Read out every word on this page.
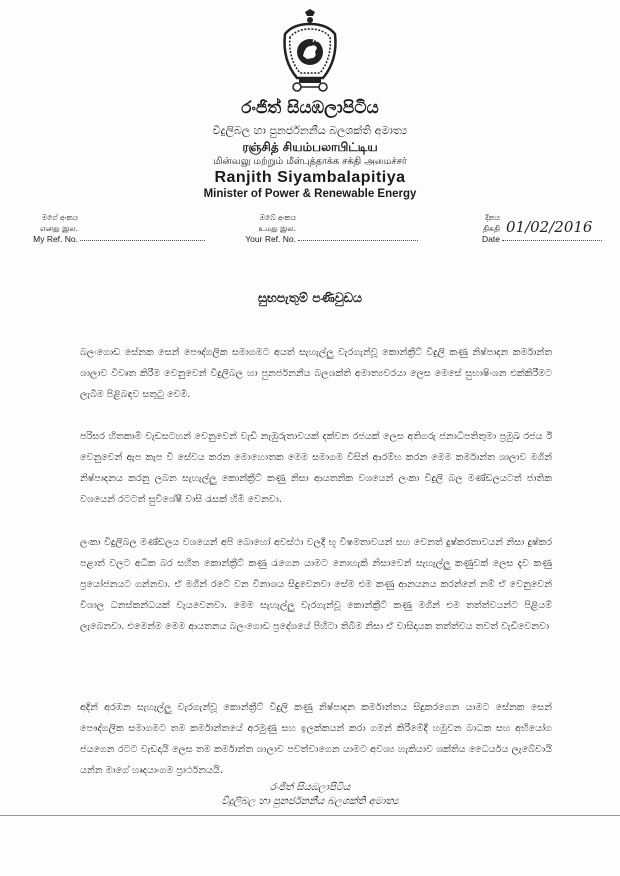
රංජිත් සියඹලාපිටිය
විදුලිබල හා පුනර්ජනනීය බලශක්ති අමාත්‍ය
ரஞ்சித் சியம்பலாபிட்டிய
மின்வலு மற்றும் மீள்புத்தாக்க சக்தி அமைச்சர்
Ranjith Siyambalapitiya
Minister of Power & Renewable Energy
මගේ අංකය
எனது இல.
My Ref. No.
ඔබේ අංකය
உமது இல.
Your Ref. No.
දිනය
திகதி
Date
01/02/2016
සුභපැතුම් පණිවුඩය
බලංගොඩ සේනක සෙන් පෞද්ගලික සමාගමට අයත් සැහැල්ලු වැරගැන්වූ කොන්ක්‍රීට් විදුලි කණු නිෂ්පාදන කර්මාන්ත ශාලාව විවෘත කිරීම වෙනුවෙන් විදුලිබල හා පුනර්ජනනීය බලශක්ති අමාත්‍යවරයා ලෙස මෙසේ සුභාෂිංශන එක්කිරීමට ලැබීම පිළිබඳව සතුටු වෙමි.
පරිසර හිතකාමී වැඩසටහන් වෙනුවෙන් වැඩි නැඹුරුතාවයක් දක්වන රජයක් ලෙස අතිගරු ජනාධිපතිතුමා ප්‍රමුඛ රජය ඊ වෙනුවෙන් ඇප කැප වී සේවය කරන මොහොතක මෙම සමාගම විසින් ආරම්භ කරන මෙම කර්මාන්ත ශාලාව මගින් නිෂ්පාදනය කරනු ලබන සැහැල්ලු කොන්ක්‍රීට් කණු නිසා ආයතනික වශයෙන් ලංකා විදුලි බල මණ්ඩලයටත් ජාතික වශයෙන් රටටත් සුවිශේෂී වාසි රැසක් හිමි වෙනවා.
ලංකා විදුලිබල මණ්ඩලය වශයෙන් අපි බොහෝ අවස්ථා වලදී භූ විෂමතාවයන් සහ වෙනත් දුෂ්කරතාවයන් නිසා දුෂ්කර පළාත් වලට අධික බර සහිත කොන්ක්‍රීට් කණු රැගෙන යාමට නොහැකි නිසාවෙන් සැහැල්ලු කණුවක් ලෙස දැව කණු ප්‍රයෝජනයට ගන්නවා. ඒ මගින් රටේ වන විනාශය සිදුවෙනවා සේම එම කණු ආනයනය කරන්නේ නම් ඒ වෙනුවෙන් විශාල ධනස්කන්ධයක් වැයවෙනවා. මෙම සැහැල්ලු වැරගැන්වූ කොන්ක්‍රීට් කණු මගින් එම තත්ත්වයන්ට පිළියම් ලැබෙනවා. එමෙන්ම මෙම ආයතනය බලංගොඩ ප්‍රදේශයේ පිහිටා තිබීම නිසා ඒ වාසිදායක තත්ත්වය තවත් වැඩිවෙනවා
අදින් අරඹන සැහැල්ලු වැරගැන්වූ කොන්ක්‍රීට් විදුලි කණු නිෂ්පාදන කර්මාන්තය සිදුකරගෙන යාමට සේනක සෙන් පෞද්ගලික සමාගමට තම කර්මාන්තයේ අරමුණු සහ ඉලක්කයන් කරා ගමන් කිරීමේදී හමුවන බාධක සහ අභියෝග ජයගෙන රටට වැඩදායි ලෙස තම කර්මාන්ත ශාලාව පවත්වාගෙන යාමට අවශ්‍ය හැකියාව ශක්තිය ධෛර්යය ලැබේවායි යන්න මාගේ හෘදයාංගම ප්‍රාර්ථනයයි.
රංජිත් සියඹලාපිටිය
විදුලිබල හා පුනර්ජනනීය බලශක්ති අමාත්‍ය
